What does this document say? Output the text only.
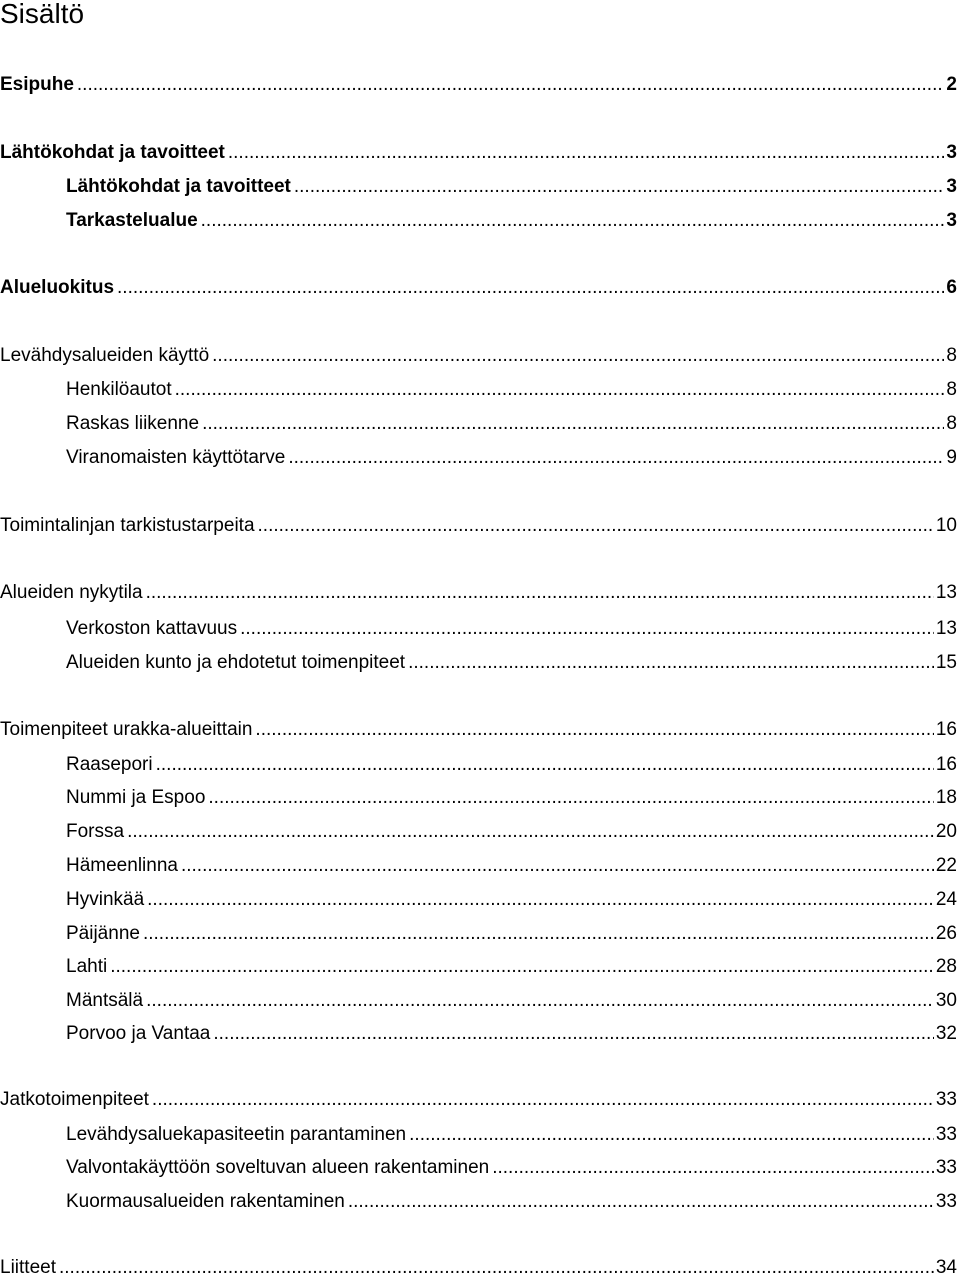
Sisältö
Esipuhe .....	2
Lähtökohdat ja tavoitteet .....	3
Lähtökohdat ja tavoitteet .....	3
Tarkastelualue .....	3
Alueluokitus .....	6
Levähdysalueiden käyttö .....	8
Henkilöautot .....	8
Raskas liikenne .....	8
Viranomaisten käyttötarve .....	9
Toimintalinjan tarkistustarpeita .....	10
Alueiden nykytila .....	13
Verkoston kattavuus .....	13
Alueiden kunto ja ehdotetut toimenpiteet .....	15
Toimenpiteet urakka-alueittain .....	16
Raasepori .....	16
Nummi ja Espoo .....	18
Forssa .....	20
Hämeenlinna .....	22
Hyvinkää .....	24
Päijänne .....	26
Lahti .....	28
Mäntsälä .....	30
Porvoo ja Vantaa .....	32
Jatkotoimenpiteet .....	33
Levähdysaluekapasiteetin parantaminen .....	33
Valvontakäyttöön soveltuvan alueen rakentaminen .....	33
Kuormausalueiden rakentaminen .....	33
Liitteet .....	34
